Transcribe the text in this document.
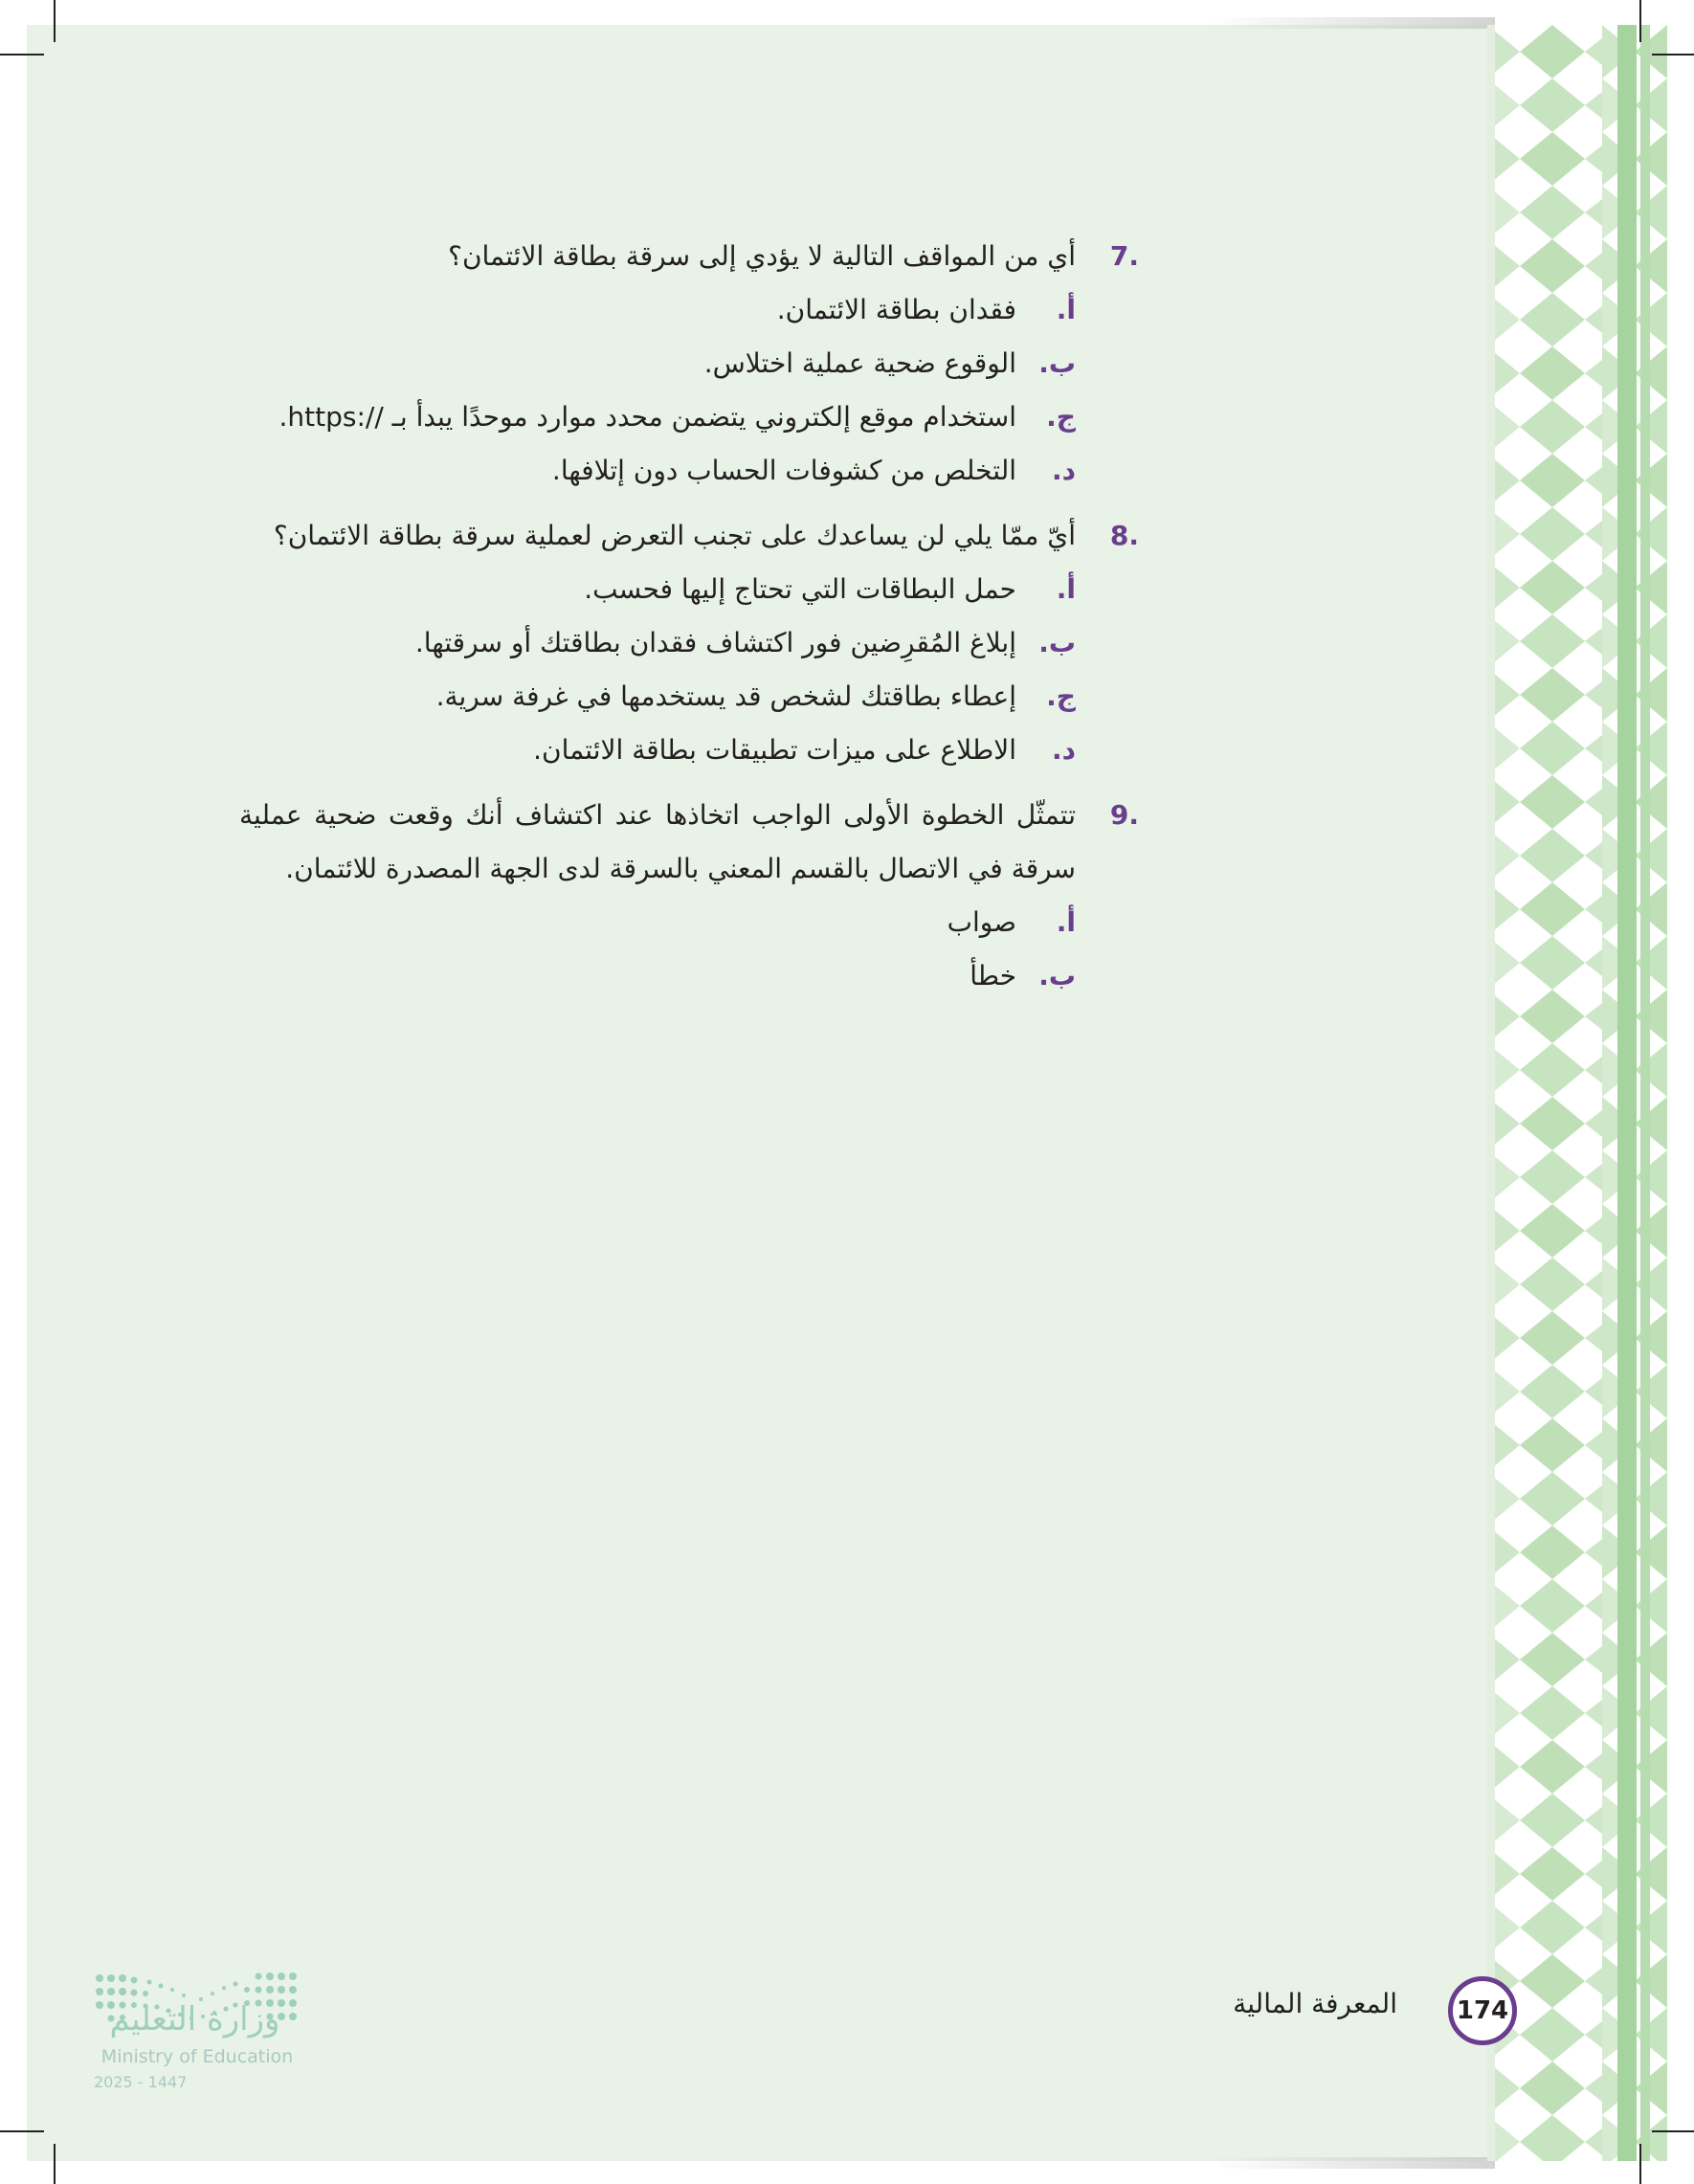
.7
أي من المواقف التالية لا يؤدي إلى سرقة بطاقة الائتمان؟
أ.
فقدان بطاقة الائتمان.
ب.
الوقوع ضحية عملية اختلاس.
ج.
استخدام موقع إلكتروني يتضمن محدد موارد موحدًا يبدأ بـ //:https.
د.
التخلص من كشوفات الحساب دون إتلافها.
.8
أيّ ممّا يلي لن يساعدك على تجنب التعرض لعملية سرقة بطاقة الائتمان؟
أ.
حمل البطاقات التي تحتاج إليها فحسب.
ب.
إبلاغ المُقرِضين فور اكتشاف فقدان بطاقتك أو سرقتها.
ج.
إعطاء بطاقتك لشخص قد يستخدمها في غرفة سرية.
د.
الاطلاع على ميزات تطبيقات بطاقة الائتمان.
.9
تتمثّل الخطوة الأولى الواجب اتخاذها عند اكتشاف أنك وقعت ضحية عملية سرقة في الاتصال بالقسم المعني بالسرقة لدى الجهة المصدرة للائتمان.
أ.
صواب
ب.
خطأ
المعرفة المالية	174
وزارة التعليم
Ministry of Education
2025 - 1447
